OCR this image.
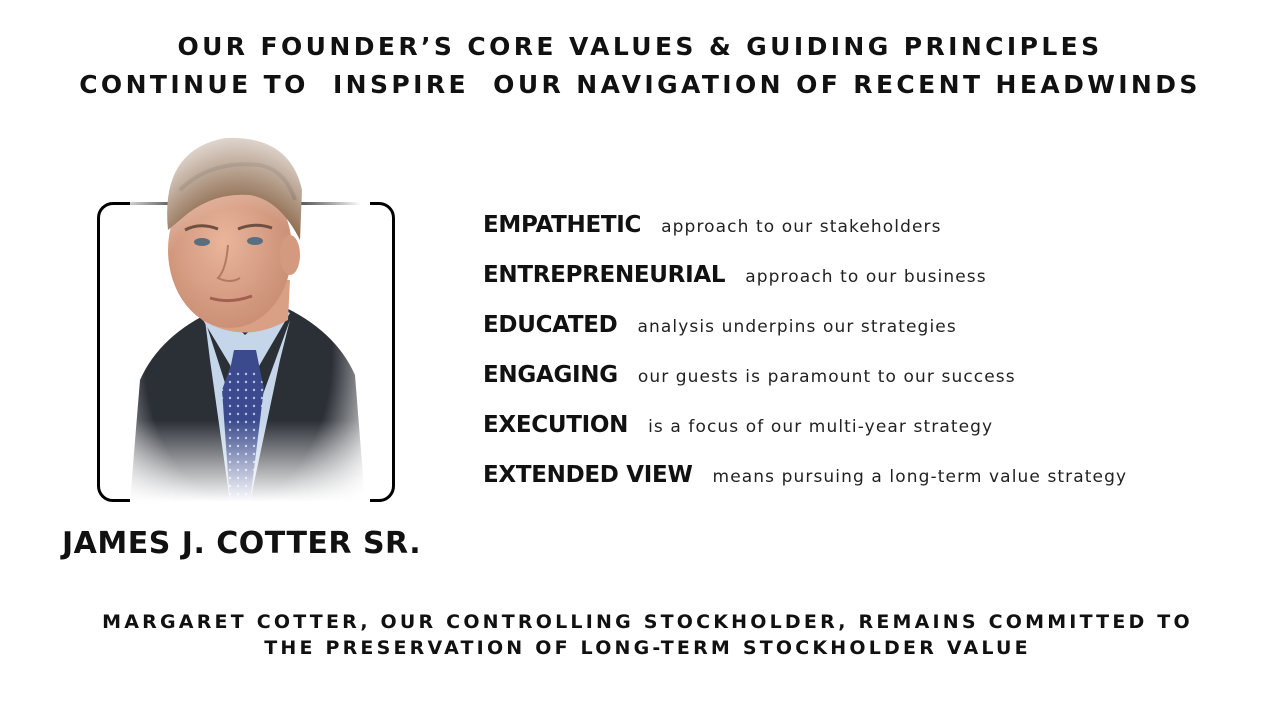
OUR FOUNDER’S CORE VALUES & GUIDING PRINCIPLES
CONTINUE TO  INSPIRE  OUR NAVIGATION OF RECENT HEADWINDS
JAMES J. COTTER SR.
EMPATHETIC approach to our stakeholders
ENTREPRENEURIAL approach to our business
EDUCATED analysis underpins our strategies
ENGAGING our guests is paramount to our success
EXECUTION is a focus of our multi-year strategy
EXTENDED VIEW means pursuing a long-term value strategy
MARGARET COTTER, OUR CONTROLLING STOCKHOLDER, REMAINS COMMITTED TO
THE PRESERVATION OF LONG-TERM STOCKHOLDER VALUE
